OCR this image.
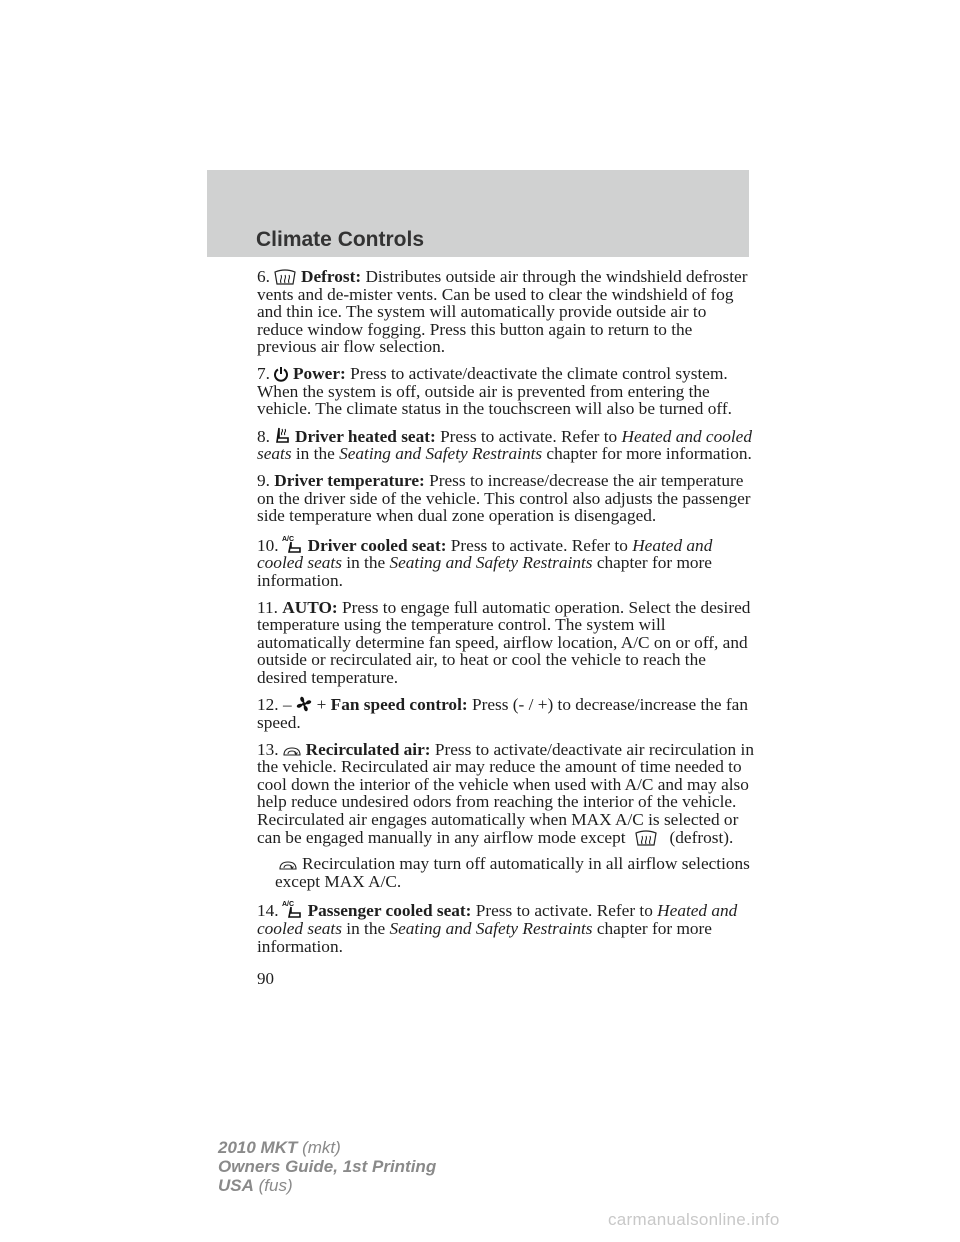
Climate Controls

6. Defrost: Distributes outside air through the windshield defroster vents and de-mister vents. Can be used to clear the windshield of fog and thin ice. The system will automatically provide outside air to reduce window fogging. Press this button again to return to the previous air flow selection.

7. Power: Press to activate/deactivate the climate control system. When the system is off, outside air is prevented from entering the vehicle. The climate status in the touchscreen will also be turned off.

8. Driver heated seat: Press to activate. Refer to Heated and cooled seats in the Seating and Safety Restraints chapter for more information.

9. Driver temperature: Press to increase/decrease the air temperature on the driver side of the vehicle. This control also adjusts the passenger side temperature when dual zone operation is disengaged.

10. A/C Driver cooled seat: Press to activate. Refer to Heated and cooled seats in the Seating and Safety Restraints chapter for more information.

11. AUTO: Press to engage full automatic operation. Select the desired temperature using the temperature control. The system will automatically determine fan speed, airflow location, A/C on or off, and outside or recirculated air, to heat or cool the vehicle to reach the desired temperature.

12. – + Fan speed control: Press (- / +) to decrease/increase the fan speed.

13. Recirculated air: Press to activate/deactivate air recirculation in the vehicle. Recirculated air may reduce the amount of time needed to cool down the interior of the vehicle when used with A/C and may also help reduce undesired odors from reaching the interior of the vehicle. Recirculated air engages automatically when MAX A/C is selected or can be engaged manually in any airflow mode except	(defrost).

Recirculation may turn off automatically in all airflow selections except MAX A/C.

14. A/C Passenger cooled seat: Press to activate. Refer to Heated and cooled seats in the Seating and Safety Restraints chapter for more information.

90
2010 MKT (mkt)
Owners Guide, 1st Printing
USA (fus)
carmanualsonline.info
